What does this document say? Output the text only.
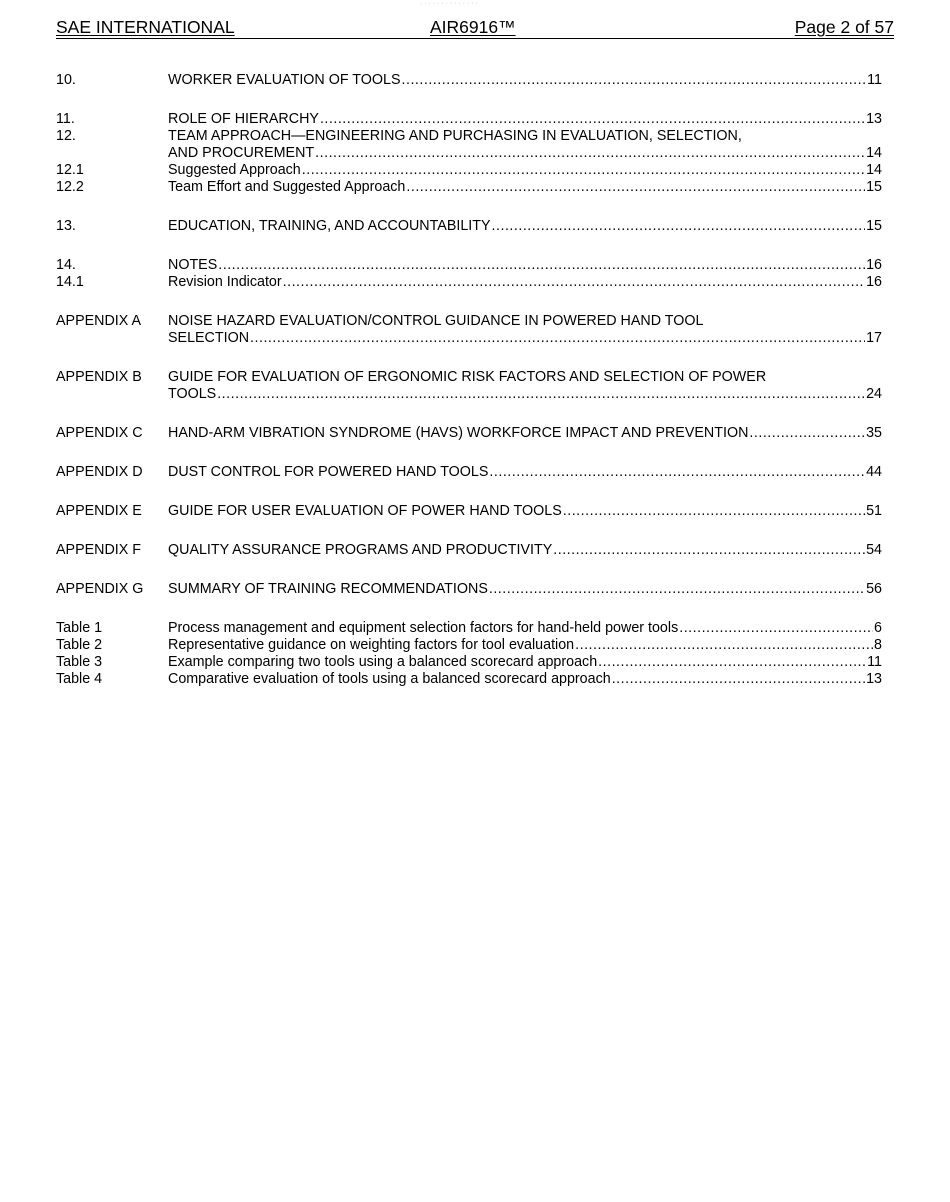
· · · · · · · · · · · · · ·
SAE INTERNATIONAL	AIR6916™	Page 2 of 57
10.	WORKER EVALUATION OF TOOLS .....	11
11.	ROLE OF HIERARCHY .....	13
12.	TEAM APPROACH—ENGINEERING AND PURCHASING IN EVALUATION, SELECTION,
AND PROCUREMENT .....	14
12.1	Suggested Approach .....	14
12.2	Team Effort and Suggested Approach .....	15
13.	EDUCATION, TRAINING, AND ACCOUNTABILITY .....	15
14.	NOTES .....	16
14.1	Revision Indicator .....	16
APPENDIX A NOISE HAZARD EVALUATION/CONTROL GUIDANCE IN POWERED HAND TOOL
SELECTION .....	17
APPENDIX B GUIDE FOR EVALUATION OF ERGONOMIC RISK FACTORS AND SELECTION OF POWER
TOOLS .....	24
APPENDIX C HAND-ARM VIBRATION SYNDROME (HAVS) WORKFORCE IMPACT AND PREVENTION .....	35
APPENDIX D DUST CONTROL FOR POWERED HAND TOOLS .....	44
APPENDIX E GUIDE FOR USER EVALUATION OF POWER HAND TOOLS .....	51
APPENDIX F QUALITY ASSURANCE PROGRAMS AND PRODUCTIVITY .....	54
APPENDIX G SUMMARY OF TRAINING RECOMMENDATIONS .....	56
Table 1	Process management and equipment selection factors for hand-held power tools .....	6
Table 2	Representative guidance on weighting factors for tool evaluation .....	8
Table 3	Example comparing two tools using a balanced scorecard approach .....	11
Table 4	Comparative evaluation of tools using a balanced scorecard approach .....	13
